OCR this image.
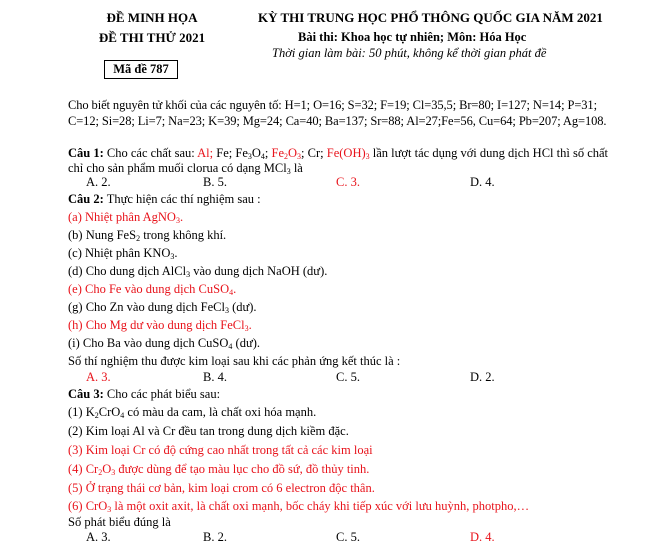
ĐỀ MINH HỌA
ĐỀ THI THỬ 2021
Mã đề 787
KỲ THI TRUNG HỌC PHỔ THÔNG QUỐC GIA NĂM 2021
Bài thi: Khoa học tự nhiên; Môn: Hóa Học
Thời gian làm bài: 50 phút, không kể thời gian phát đề
Cho biết nguyên tử khối của các nguyên tố: H=1; O=16; S=32; F=19; Cl=35,5; Br=80; I=127; N=14; P=31;
C=12; Si=28; Li=7; Na=23; K=39; Mg=24; Ca=40; Ba=137; Sr=88; Al=27;Fe=56, Cu=64; Pb=207; Ag=108.
Câu 1: Cho các chất sau: Al; Fe; $Fe_3O_4$; $Fe_2O_3$; Cr; $Fe(OH)_3$ lần lượt tác dụng với dung dịch HCl thì số chất
chỉ cho sản phẩm muối clorua có dạng MCl$_3$ là
A. 2.	B. 5.	C. 3.	D. 4.
Câu 2: Thực hiện các thí nghiệm sau :
(a) Nhiệt phân AgNO$_3$.
(b) Nung FeS$_2$ trong không khí.
(c) Nhiệt phân $KNO_3$.
(d) Cho dung dịch AlCl$_3$ vào dung dịch NaOH (dư).
(e) Cho Fe vào dung dịch CuSO$_4$.
(g) Cho Zn vào dung dịch FeCl$_3$ (dư).
(h) Cho Mg dư vào dung dịch FeCl$_3$.
(i) Cho Ba vào dung dịch CuSO$_4$ (dư).
Số thí nghiệm thu được kim loại sau khi các phản ứng kết thúc là :
A. 3.	B. 4.	C. 5.	D. 2.
Câu 3: Cho các phát biểu sau:
(1) $K_2CrO_4$ có màu da cam, là chất oxi hóa mạnh.
(2) Kim loại Al và Cr đều tan trong dung dịch kiềm đặc.
(3) Kim loại Cr có độ cứng cao nhất trong tất cả các kim loại
(4) $Cr_2O_3$ được dùng để tạo màu lục cho đồ sứ, đồ thủy tinh.
(5) Ở trạng thái cơ bản, kim loại crom có 6 electron độc thân.
(6) CrO$_3$ là một oxit axit, là chất oxi mạnh, bốc cháy khi tiếp xúc với lưu huỳnh, photpho,…
Số phát biểu đúng là
A. 3.	B. 2.	C. 5.	D. 4.
